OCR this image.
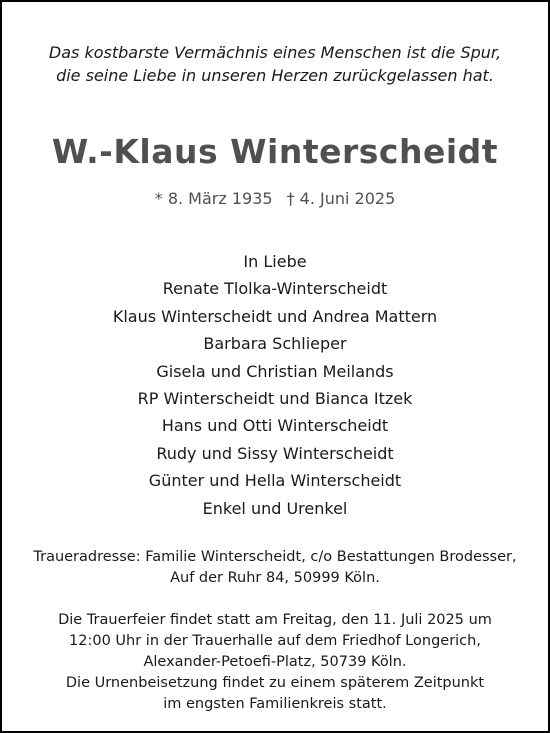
Das kostbarste Vermächnis eines Menschen ist die Spur,
die seine Liebe in unseren Herzen zurückgelassen hat.
W.-Klaus Winterscheidt
* 8. März 1935 † 4. Juni 2025
In Liebe
Renate Tlolka-Winterscheidt
Klaus Winterscheidt und Andrea Mattern
Barbara Schlieper
Gisela und Christian Meilands
RP Winterscheidt und Bianca Itzek
Hans und Otti Winterscheidt
Rudy und Sissy Winterscheidt
Günter und Hella Winterscheidt
Enkel und Urenkel
Traueradresse: Familie Winterscheidt, c/o Bestattungen Brodesser,
Auf der Ruhr 84, 50999 Köln.
Die Trauerfeier findet statt am Freitag, den 11. Juli 2025 um
12:00 Uhr in der Trauerhalle auf dem Friedhof Longerich,
Alexander-Petoefi-Platz, 50739 Köln.
Die Urnenbeisetzung findet zu einem späterem Zeitpunkt
im engsten Familienkreis statt.
